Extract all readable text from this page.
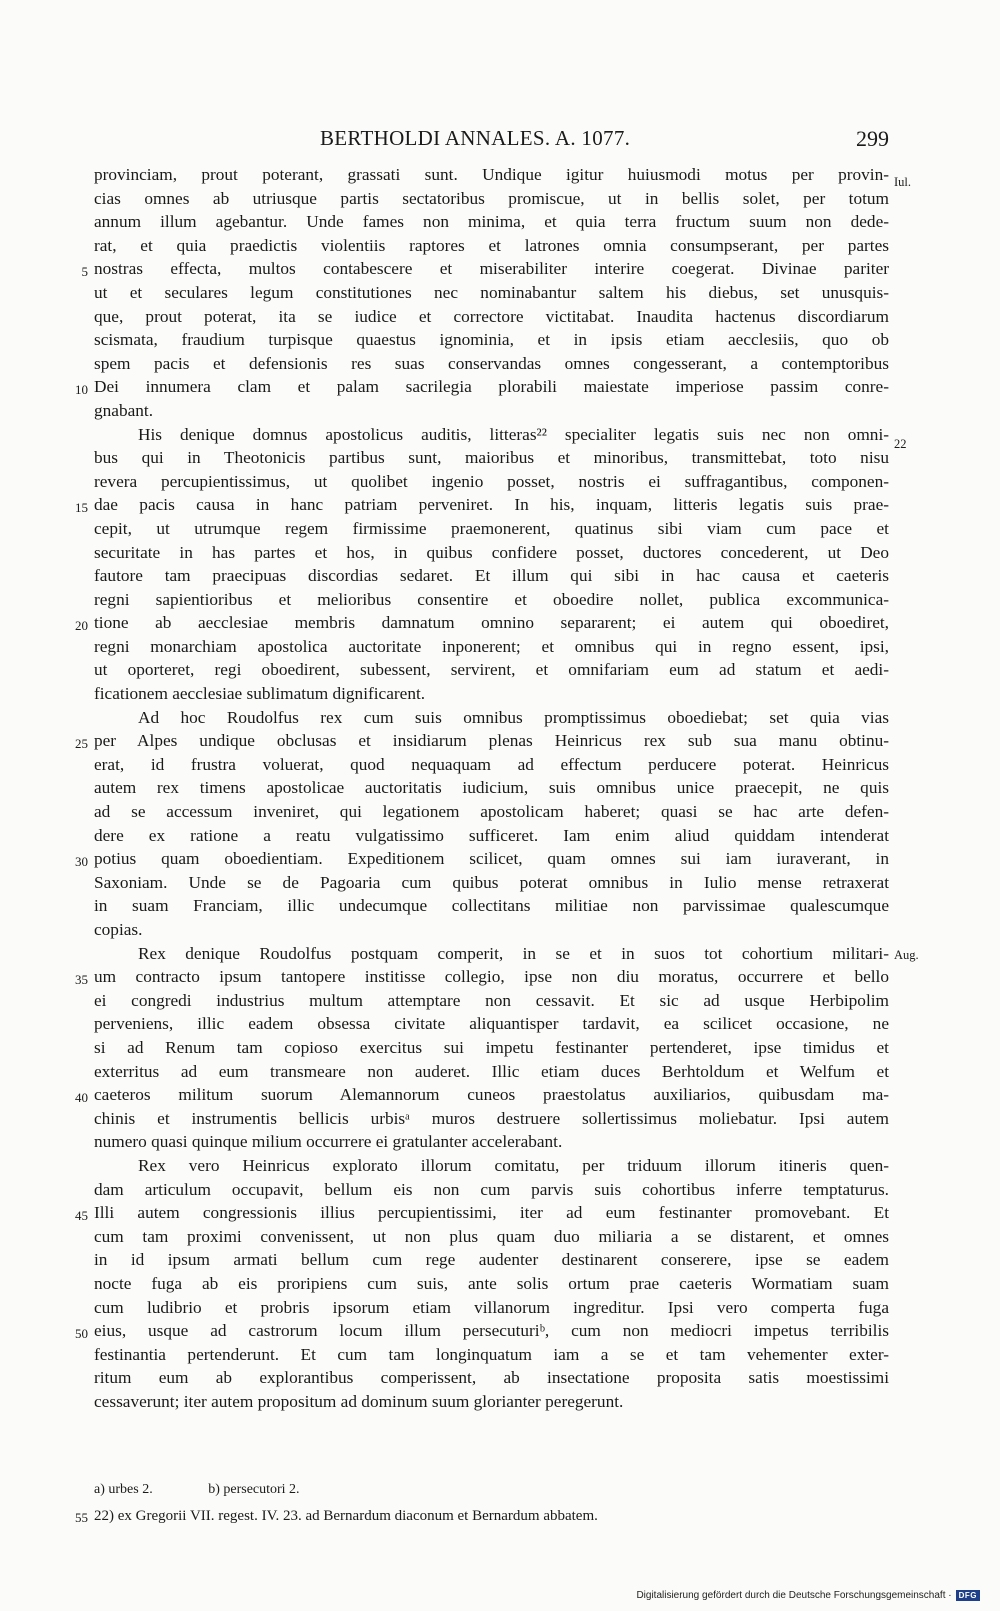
BERTHOLDI ANNALES. A. 1077.	299
provinciam, prout poterant, grassati sunt. Undique igitur huiusmodi motus per provin- Iul.
cias omnes ab utriusque partis sectatoribus promiscue, ut in bellis solet, per totum
annum illum agebantur. Unde fames non minima, et quia terra fructum suum non dede-
rat, et quia praedictis violentiis raptores et latrones omnia consumpserant, per partes
5 nostras effecta, multos contabescere et miserabiliter interire coegerat. Divinae pariter
ut et seculares legum constitutiones nec nominabantur saltem his diebus, set unusquis-
que, prout poterat, ita se iudice et correctore victitabat. Inaudita hactenus discordiarum
scismata, fraudium turpisque quaestus ignominia, et in ipsis etiam aecclesiis, quo ob
spem pacis et defensionis res suas conservandas omnes congesserant, a contemptoribus
10 Dei innumera clam et palam sacrilegia plorabili maiestate imperiose passim conre-
gnabant.
His denique domnus apostolicus auditis, litteras²² specialiter legatis suis nec non omni-
22
bus qui in Theotonicis partibus sunt, maioribus et minoribus, transmittebat, toto nisu
revera percupientissimus, ut quolibet ingenio posset, nostris ei suffragantibus, componen-
15 dae pacis causa in hanc patriam perveniret. In his, inquam, litteris legatis suis prae-
cepit, ut utrumque regem firmissime praemonerent, quatinus sibi viam cum pace et
securitate in has partes et hos, in quibus confidere posset, ductores concederent, ut Deo
fautore tam praecipuas discordias sedaret. Et illum qui sibi in hac causa et caeteris
regni sapientioribus et melioribus consentire et oboedire nollet, publica excommunica-
20 tione ab aecclesiae membris damnatum omnino separarent; ei autem qui oboediret,
regni monarchiam apostolica auctoritate inponerent; et omnibus qui in regno essent, ipsi,
ut oporteret, regi oboedirent, subessent, servirent, et omnifariam eum ad statum et aedi-
ficationem aecclesiae sublimatum dignificarent.
Ad hoc Roudolfus rex cum suis omnibus promptissimus oboediebat; set quia vias
25 per Alpes undique obclusas et insidiarum plenas Heinricus rex sub sua manu obtinu-
erat, id frustra voluerat, quod nequaquam ad effectum perducere poterat. Heinricus
autem rex timens apostolicae auctoritatis iudicium, suis omnibus unice praecepit, ne quis
ad se accessum inveniret, qui legationem apostolicam haberet; quasi se hac arte defen-
dere ex ratione a reatu vulgatissimo sufficeret. Iam enim aliud quiddam intenderat
30 potius quam oboedientiam. Expeditionem scilicet, quam omnes sui iam iuraverant, in
Saxoniam. Unde se de Pagoaria cum quibus poterat omnibus in Iulio mense retraxerat
in suam Franciam, illic undecumque collectitans militiae non parvissimae qualescumque
copias.
Rex denique Roudolfus postquam comperit, in se et in suos tot cohortium militari- Aug.
35 um contracto ipsum tantopere institisse collegio, ipse non diu moratus, occurrere et bello
ei congredi industrius multum attemptare non cessavit. Et sic ad usque Herbipolim
perveniens, illic eadem obsessa civitate aliquantisper tardavit, ea scilicet occasione, ne
si ad Renum tam copioso exercitus sui impetu festinanter pertenderet, ipse timidus et
exterritus ad eum transmeare non auderet. Illic etiam duces Berhtoldum et Welfum et
40 caeteros militum suorum Alemannorum cuneos praestolatus auxiliarios, quibusdam ma-
chinis et instrumentis bellicis urbisᵃ muros destruere sollertissimus moliebatur. Ipsi autem
numero quasi quinque milium occurrere ei gratulanter accelerabant.
Rex vero Heinricus explorato illorum comitatu, per triduum illorum itineris quen-
dam articulum occupavit, bellum eis non cum parvis suis cohortibus inferre temptaturus.
45 Illi autem congressionis illius percupientissimi, iter ad eum festinanter promovebant. Et
cum tam proximi convenissent, ut non plus quam duo miliaria a se distarent, et omnes
in id ipsum armati bellum cum rege audenter destinarent conserere, ipse se eadem
nocte fuga ab eis proripiens cum suis, ante solis ortum prae caeteris Wormatiam suam
cum ludibrio et probris ipsorum etiam villanorum ingreditur. Ipsi vero comperta fuga
50 eius, usque ad castrorum locum illum persecuturiᵇ, cum non mediocri impetus terribilis
festinantia pertenderunt. Et cum tam longinquatum iam a se et tam vehementer exter-
ritum eum ab explorantibus comperissent, ab insectatione proposita satis moestissimi
cessaverunt; iter autem propositum ad dominum suum glorianter peregerunt.
a) urbes 2.	b) persecutori 2.
55 22) ex Gregorii VII. regest. IV. 23. ad Bernardum diaconum et Bernardum abbatem.
Digitalisierung gefördert durch die Deutsche Forschungsgemeinschaft · DFG
